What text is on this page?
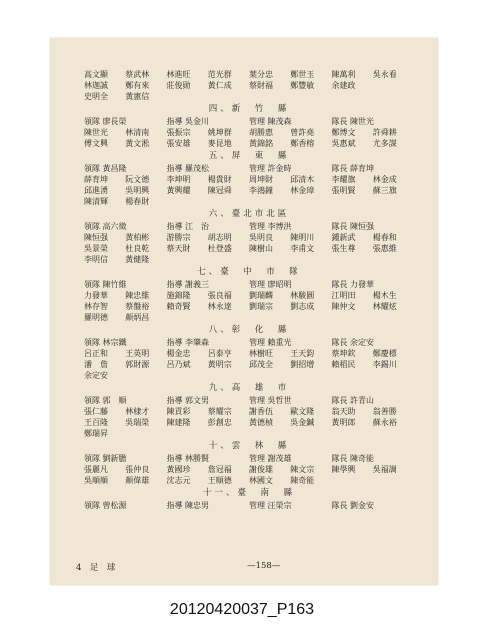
高文顯	蔡武林	林進旺	范光群	葉分忠	鄭世玉	陳萬利	吳永看
林迦誠	鄭有來	莊俊勋	黃仁成	蔡財福	鄭豐敏	余建政
史明全	黃憲信
四、新　竹　縣
領隊 廖長榮	指導 吳金川	管理 陳茂森	隊長 陳世光
陳世光	林清南	張振宗	姚坤群	胡勝惠	曾許堯	鄭博文	許舜耕
傅文興	黃文淞	張安雄	麥昆地	黃錦銘	鄭香榕	吳惠斌	尤多謀
五、屏　東　縣
領隊 黃昌隆	指導 羅茂松	管理 許金時	隊長 薛育坤
薛育坤	阮文德	李坤明	楊貴財	周坤財	邱清木	李耀旗	林金成
邱進湧	吳明興	黃興耀	陳冠舜	李鴻鐘	林金璋	張明賢	蘇三旗
陳清輝	楊春財
六、臺北市北區
領隊 高六徵	指導 江　治	管理 李博洪	隊長 陳恒强
陳恒强	黃柏彬	游勝宗	胡志明	吳明良	陳明川	鍾新武	楊春和
吳景榮	杜良乾	蔡天財	杜登盛	陳樹山	李甫文	張生尊	張惠維
李明信	黃健隆
七、臺　中　市　隊
領隊 陳竹維	指導 謝義三	管理 廖昭明	隊長 力發華
力發華	陳忠維	施錦隆	張良福	劉瑞麟	林駿圓	江明田	楊木生
林存智	蔡盤裕	賴奇賢	林永達	劉瑞宗	劉志成	陳仲文	林耀炫
羅明德	顏炳昌
八、彰　化　縣
領隊 林宗鐵	指導 李肇森	管理 賴重光	隊長 余定安
呂正和	王英明	楊金忠	呂泰亨	林樹旺	王天鈞	蔡坤欽	鄭慶標
潘　詹	郭財源	呂乃斌	黃明宗	邱茂全	劉招增	賴稻民	李錫川
余定安
九、高　雄　市
領隊 郭　順	指導 郭文男	管理 吳哲世	隊長 許青山
張仁藤	林棣才	陳貢彩	蔡耀宗	謝香伍	歐文隆	翁天助	翁善勝
王百隆	吳瑞榮	陳建隆	彭創忠	黃德楨	吳金鍼	黃明郎	蘇永裕
鄭瑞昇
十、雲　林　縣
領隊 劉新膽	指導 林勝賢	管理 謝茂雄	隊長 陳奇能
張麗凡	張仲良	黃國珍	詹冠福	謝俊雄	陳文宗	陳學興	吳福調
吳順順	顏偉雄	沈志元	王順德	林國文	陳奇能
十一、臺　南　縣
領隊 曾松源	指導 陳忠男	管理 汪榮宗	隊長 劉金安
4　足　球	—158—
20120420037_P163
